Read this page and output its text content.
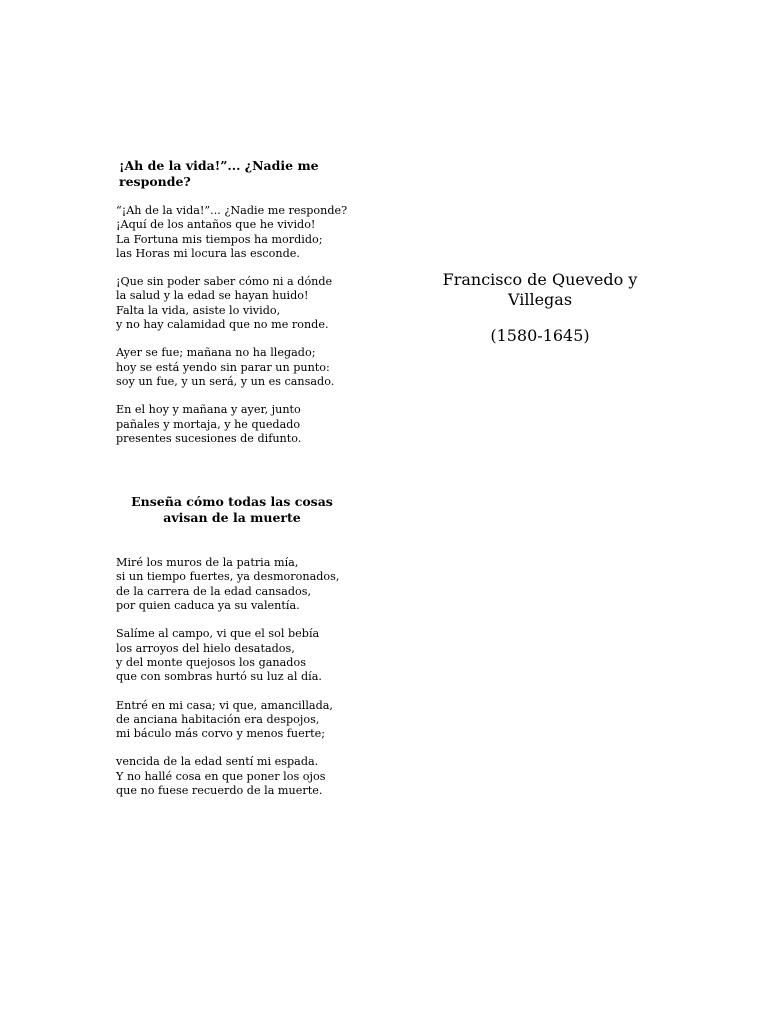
¡Ah de la vida!”... ¿Nadie me responde?

“¡Ah de la vida!”... ¿Nadie me responde?
¡Aquí de los antaños que he vivido!
La Fortuna mis tiempos ha mordido;
las Horas mi locura las esconde.

¡Que sin poder saber cómo ni a dónde
la salud y la edad se hayan huido!
Falta la vida, asiste lo vivido,
y no hay calamidad que no me ronde.

Ayer se fue; mañana no ha llegado;
hoy se está yendo sin parar un punto:
soy un fue, y un será, y un es cansado.

En el hoy y mañana y ayer, junto
pañales y mortaja, y he quedado
presentes sucesiones de difunto.

Enseña cómo todas las cosas avisan de la muerte

Miré los muros de la patria mía,
si un tiempo fuertes, ya desmoronados,
de la carrera de la edad cansados,
por quien caduca ya su valentía.

Salíme al campo, vi que el sol bebía
los arroyos del hielo desatados,
y del monte quejosos los ganados
que con sombras hurtó su luz al día.

Entré en mi casa; vi que, amancillada,
de anciana habitación era despojos,
mi báculo más corvo y menos fuerte;

vencida de la edad sentí mi espada.
Y no hallé cosa en que poner los ojos
que no fuese recuerdo de la muerte.

Francisco de Quevedo y Villegas
(1580-1645)
